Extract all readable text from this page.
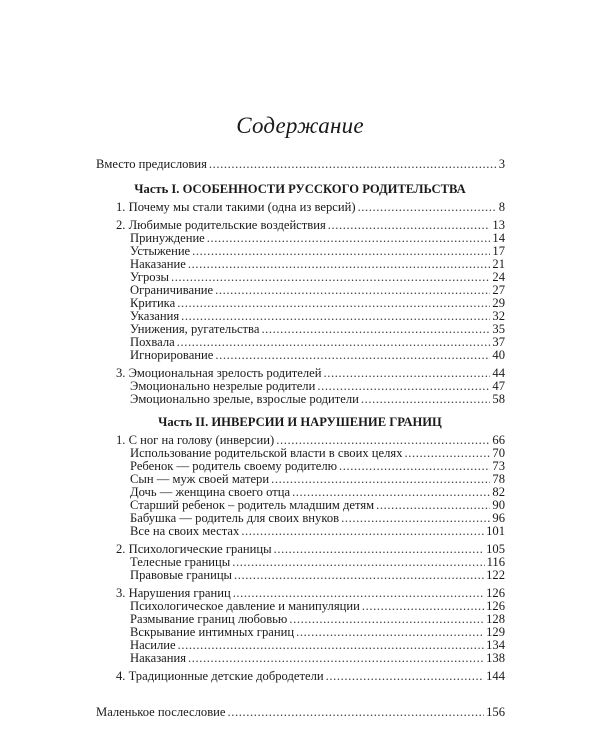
Содержание
Вместо предисловия .....	3
Часть I. ОСОБЕННОСТИ РУССКОГО РОДИТЕЛЬСТВА
1. Почему мы стали такими (одна из версий) .....	8
2. Любимые родительские воздействия .....	13
Принуждение .....	14
Устыжение .....	17
Наказание .....	21
Угрозы .....	24
Ограничивание .....	27
Критика .....	29
Указания .....	32
Унижения, ругательства .....	35
Похвала .....	37
Игнорирование .....	40
3. Эмоциональная зрелость родителей .....	44
Эмоционально незрелые родители .....	47
Эмоционально зрелые, взрослые родители .....	58
Часть II. ИНВЕРСИИ И НАРУШЕНИЕ ГРАНИЦ
1. С ног на голову (инверсии) .....	66
Использование родительской власти в своих целях .....	70
Ребенок — родитель своему родителю .....	73
Сын — муж своей матери .....	78
Дочь — женщина своего отца .....	82
Старший ребенок – родитель младшим детям .....	90
Бабушка — родитель для своих внуков .....	96
Все на своих местах .....	101
2. Психологические границы .....	105
Телесные границы .....	116
Правовые границы .....	122
3. Нарушения границ .....	126
Психологическое давление и манипуляции .....	126
Размывание границ любовью .....	128
Вскрывание интимных границ .....	129
Насилие .....	134
Наказания .....	138
4. Традиционные детские добродетели .....	144
Маленькое послесловие .....	156
